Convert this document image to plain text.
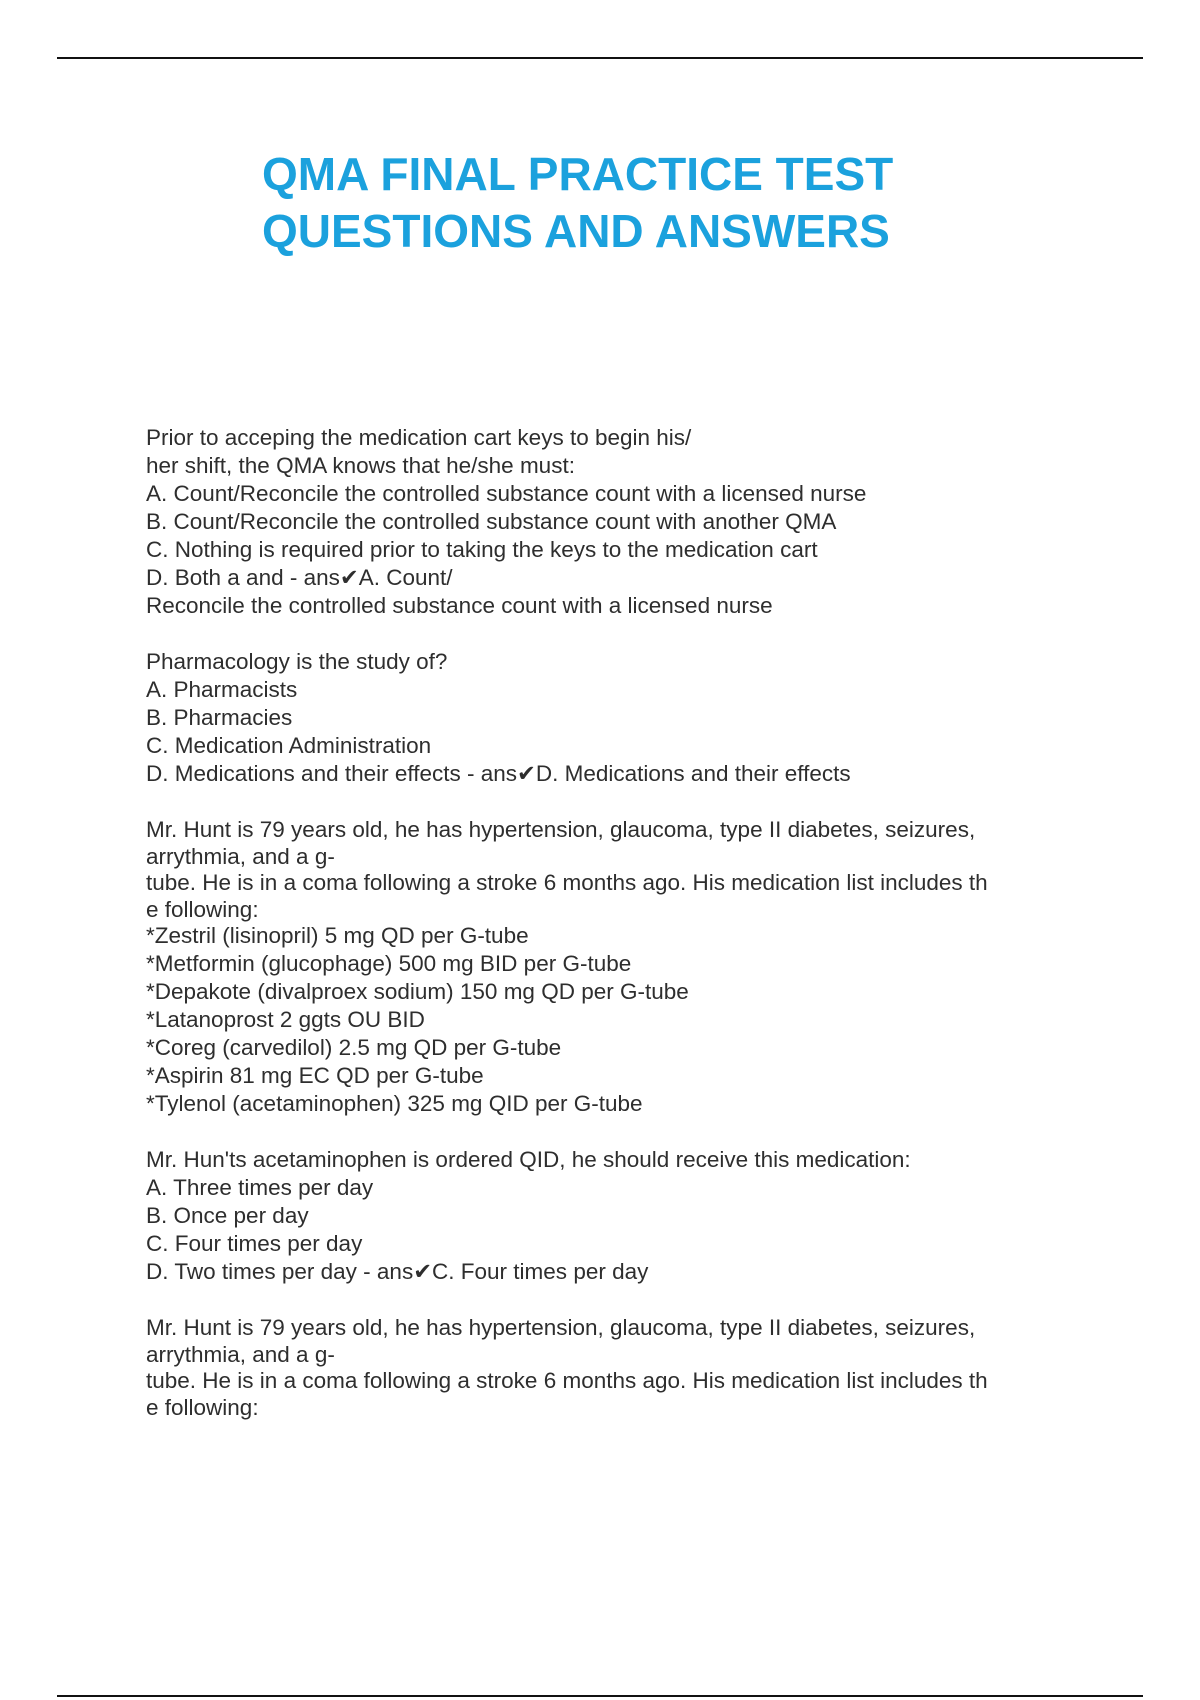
QMA FINAL PRACTICE TEST
QUESTIONS AND ANSWERS
Prior to acceping the medication cart keys to begin his/
her shift, the QMA knows that he/she must:
A. Count/Reconcile the controlled substance count with a licensed nurse
B. Count/Reconcile the controlled substance count with another QMA
C. Nothing is required prior to taking the keys to the medication cart
D. Both a and - ans✔A. Count/
Reconcile the controlled substance count with a licensed nurse
Pharmacology is the study of?
A. Pharmacists
B. Pharmacies
C. Medication Administration
D. Medications and their effects - ans✔D. Medications and their effects
Mr. Hunt is 79 years old, he has hypertension, glaucoma, type II diabetes, seizures,
arrythmia, and a g-
tube. He is in a coma following a stroke 6 months ago. His medication list includes th
e following:
*Zestril (lisinopril) 5 mg QD per G-tube
*Metformin (glucophage) 500 mg BID per G-tube
*Depakote (divalproex sodium) 150 mg QD per G-tube
*Latanoprost 2 ggts OU BID
*Coreg (carvedilol) 2.5 mg QD per G-tube
*Aspirin 81 mg EC QD per G-tube
*Tylenol (acetaminophen) 325 mg QID per G-tube
Mr. Hun'ts acetaminophen is ordered QID, he should receive this medication:
A. Three times per day
B. Once per day
C. Four times per day
D. Two times per day - ans✔C. Four times per day
Mr. Hunt is 79 years old, he has hypertension, glaucoma, type II diabetes, seizures,
arrythmia, and a g-
tube. He is in a coma following a stroke 6 months ago. His medication list includes th
e following:
